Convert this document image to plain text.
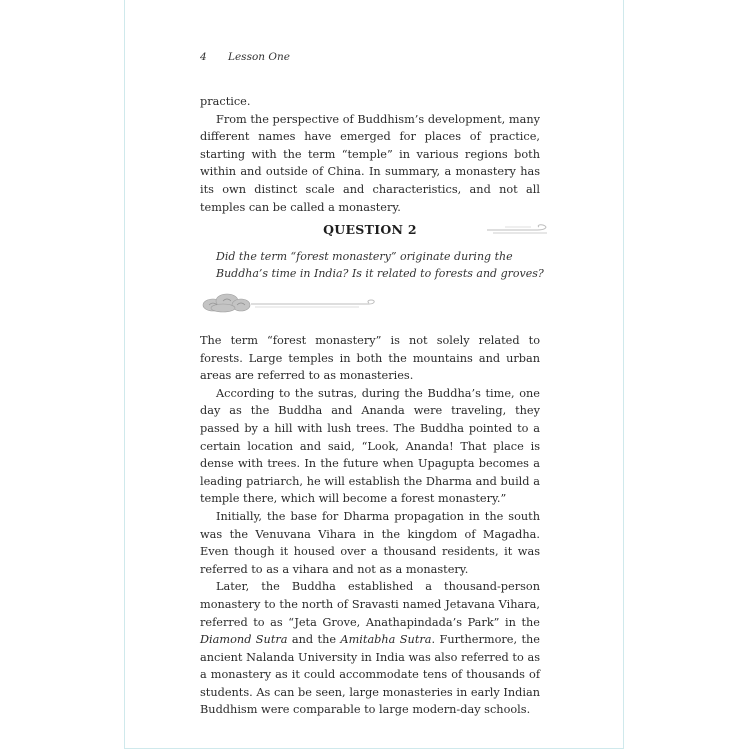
4 Lesson One

practice.

From the perspective of Buddhism’s development, many different names have emerged for places of practice, starting with the term “temple” in various regions both within and outside of China. In summary, a monastery has its own distinct scale and characteristics, and not all temples can be called a monastery.

QUESTION 2
Did the term “forest monastery” originate during the Buddha’s time in India? Is it related to forests and groves?

The term “forest monastery” is not solely related to forests. Large temples in both the mountains and urban areas are referred to as monasteries.

According to the sutras, during the Buddha’s time, one day as the Buddha and Ananda were traveling, they passed by a hill with lush trees. The Buddha pointed to a certain location and said, “Look, Ananda! That place is dense with trees. In the future when Upagupta becomes a leading patriarch, he will establish the Dharma and build a temple there, which will become a forest monastery.”

Initially, the base for Dharma propagation in the south was the Venuvana Vihara in the kingdom of Magadha. Even though it housed over a thousand residents, it was referred to as a vihara and not as a monastery.

Later, the Buddha established a thousand-person monastery to the north of Sravasti named Jetavana Vihara, referred to as “Jeta Grove, Anathapindada’s Park” in the Diamond Sutra and the Amitabha Sutra. Furthermore, the ancient Nalanda University in India was also referred to as a monastery as it could accommodate tens of thousands of students. As can be seen, large monasteries in early Indian Buddhism were comparable to large modern-day schools.
